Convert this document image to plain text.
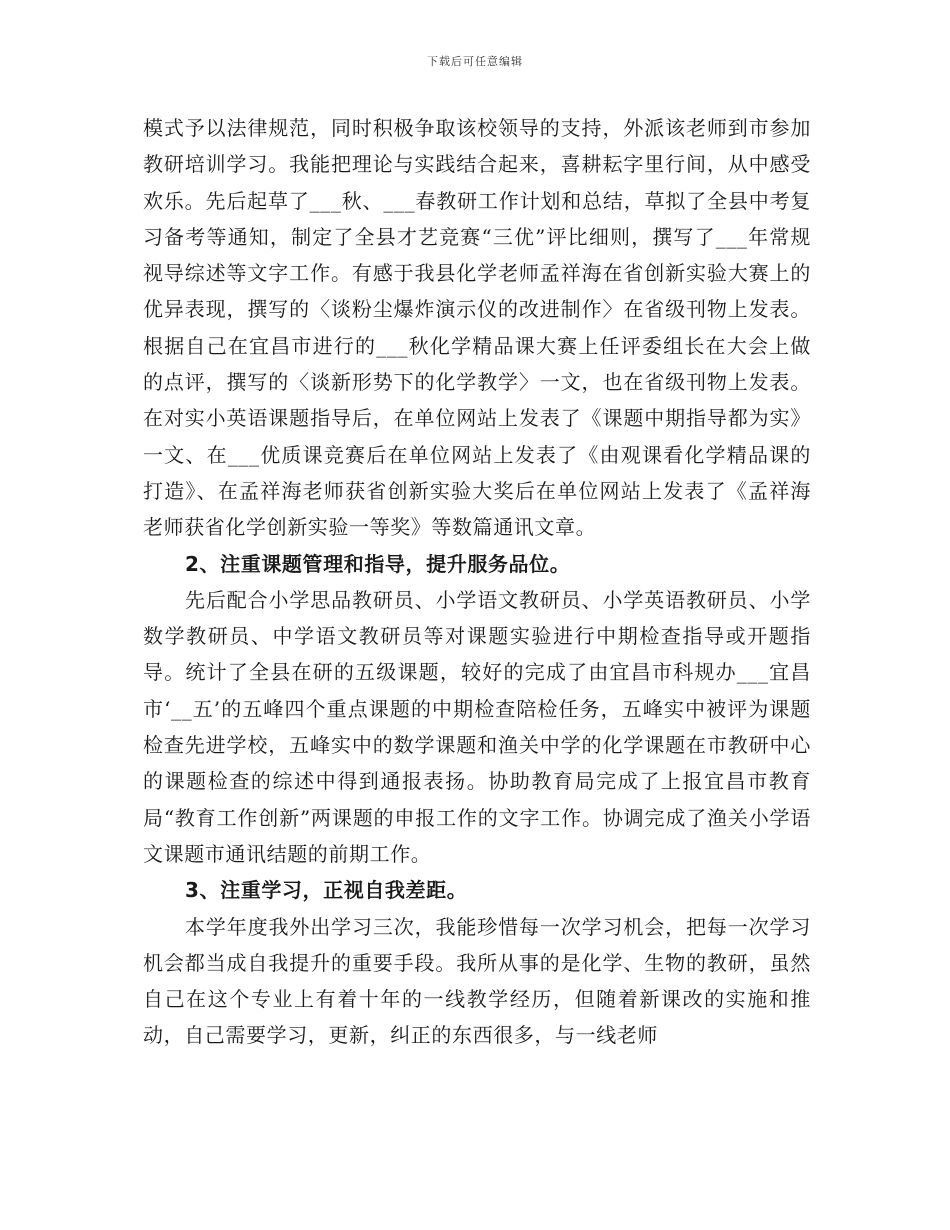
下载后可任意编辑

模式予以法律规范，同时积极争取该校领导的支持，外派该老师到市参加教研培训学习。我能把理论与实践结合起来，喜耕耘字里行间，从中感受欢乐。先后起草了___秋、___春教研工作计划和总结，草拟了全县中考复习备考等通知，制定了全县才艺竞赛“三优”评比细则，撰写了___年常规视导综述等文字工作。有感于我县化学老师孟祥海在省创新实验大赛上的优异表现，撰写的〈谈粉尘爆炸演示仪的改进制作〉在省级刊物上发表。根据自己在宜昌市进行的___秋化学精品课大赛上任评委组长在大会上做的点评，撰写的〈谈新形势下的化学教学〉一文，也在省级刊物上发表。在对实小英语课题指导后，在单位网站上发表了《课题中期指导都为实》一文、在___优质课竞赛后在单位网站上发表了《由观课看化学精品课的打造》、在孟祥海老师获省创新实验大奖后在单位网站上发表了《孟祥海老师获省化学创新实验一等奖》等数篇通讯文章。

2、注重课题管理和指导，提升服务品位。

先后配合小学思品教研员、小学语文教研员、小学英语教研员、小学数学教研员、中学语文教研员等对课题实验进行中期检查指导或开题指导。统计了全县在研的五级课题，较好的完成了由宜昌市科规办___宜昌市‘__五’的五峰四个重点课题的中期检查陪检任务，五峰实中被评为课题检查先进学校，五峰实中的数学课题和渔关中学的化学课题在市教研中心的课题检查的综述中得到通报表扬。协助教育局完成了上报宜昌市教育局“教育工作创新”两课题的申报工作的文字工作。协调完成了渔关小学语文课题市通讯结题的前期工作。

3、注重学习，正视自我差距。

本学年度我外出学习三次，我能珍惜每一次学习机会，把每一次学习机会都当成自我提升的重要手段。我所从事的是化学、生物的教研，虽然自己在这个专业上有着十年的一线教学经历，但随着新课改的实施和推动，自己需要学习，更新，纠正的东西很多，与一线老师
